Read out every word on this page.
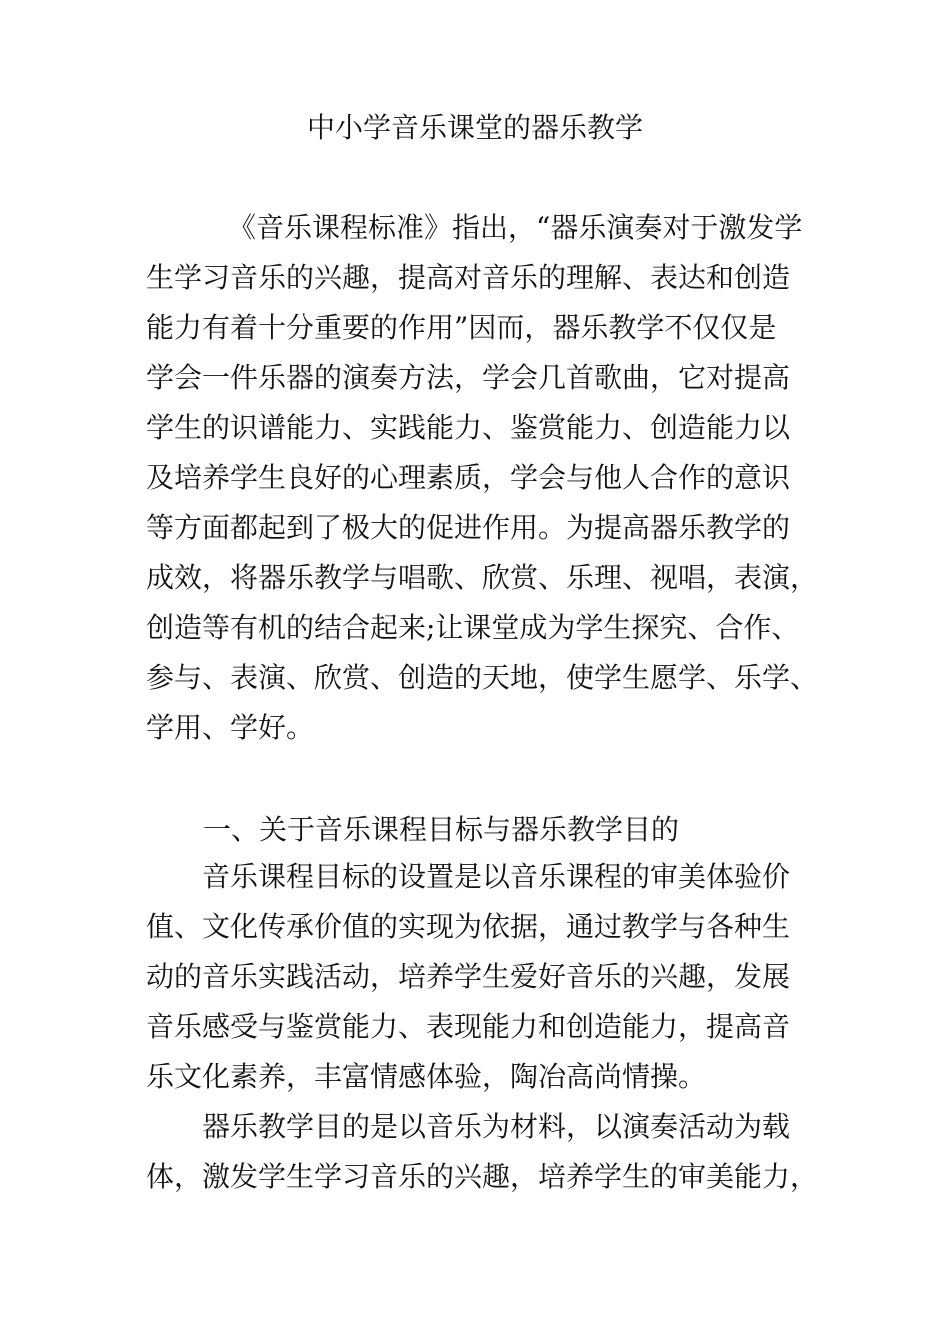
中小学音乐课堂的器乐教学

《音乐课程标准》指出，“器乐演奏对于激发学
生学习音乐的兴趣，提高对音乐的理解、表达和创造
能力有着十分重要的作用”因而，器乐教学不仅仅是
学会一件乐器的演奏方法，学会几首歌曲，它对提高
学生的识谱能力、实践能力、鉴赏能力、创造能力以
及培养学生良好的心理素质，学会与他人合作的意识
等方面都起到了极大的促进作用。为提高器乐教学的
成效，将器乐教学与唱歌、欣赏、乐理、视唱，表演，
创造等有机的结合起来;让课堂成为学生探究、合作、
参与、表演、欣赏、创造的天地，使学生愿学、乐学、
学用、学好。

一、关于音乐课程目标与器乐教学目的

音乐课程目标的设置是以音乐课程的审美体验价
值、文化传承价值的实现为依据，通过教学与各种生
动的音乐实践活动，培养学生爱好音乐的兴趣，发展
音乐感受与鉴赏能力、表现能力和创造能力，提高音
乐文化素养，丰富情感体验，陶冶高尚情操。

器乐教学目的是以音乐为材料，以演奏活动为载
体，激发学生学习音乐的兴趣，培养学生的审美能力，
